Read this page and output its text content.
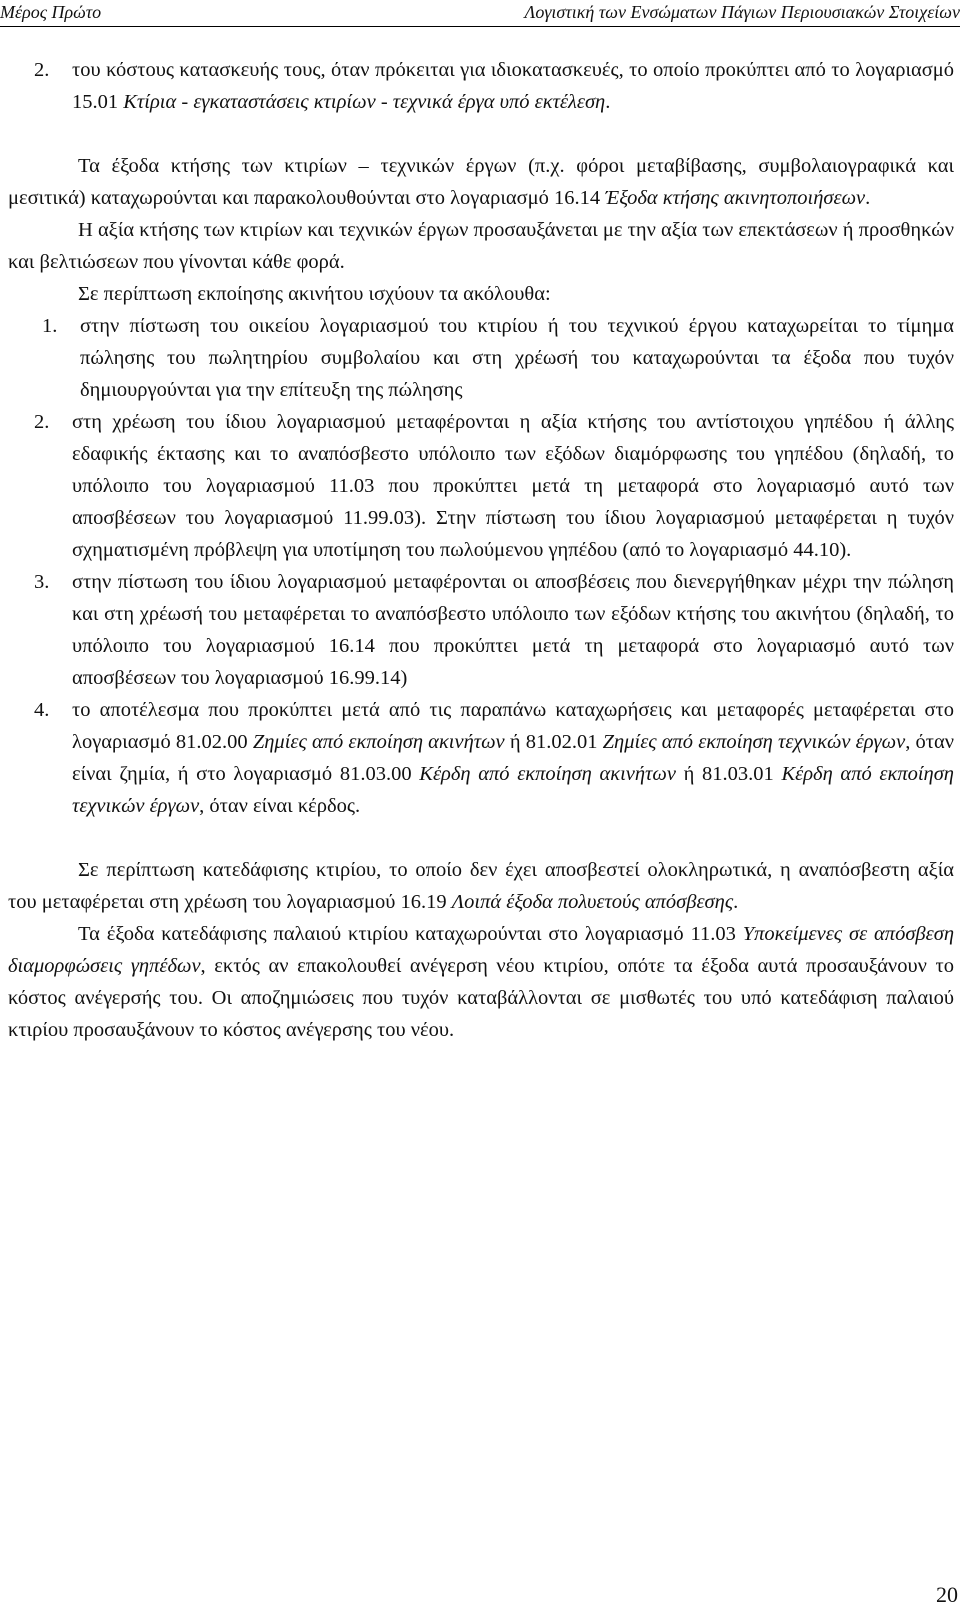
Μέρος Πρώτο	Λογιστική των Ενσώματων Πάγιων Περιουσιακών Στοιχείων
2.	του κόστους κατασκευής τους, όταν πρόκειται για ιδιοκατασκευές, το οποίο προκύπτει από το λογαριασμό 15.01 Κτίρια - εγκαταστάσεις κτιρίων - τεχνικά έργα υπό εκτέλεση.

Τα έξοδα κτήσης των κτιρίων – τεχνικών έργων (π.χ. φόροι μεταβίβασης, συμβολαιογραφικά και μεσιτικά) καταχωρούνται και παρακολουθούνται στο λογαριασμό 16.14 Έξοδα κτήσης ακινητοποιήσεων.

Η αξία κτήσης των κτιρίων και τεχνικών έργων προσαυξάνεται με την αξία των επεκτάσεων ή προσθηκών και βελτιώσεων που γίνονται κάθε φορά.

Σε περίπτωση εκποίησης ακινήτου ισχύουν τα ακόλουθα:

1.	στην πίστωση του οικείου λογαριασμού του κτιρίου ή του τεχνικού έργου καταχωρείται το τίμημα πώλησης του πωλητηρίου συμβολαίου και στη χρέωσή του καταχωρούνται τα έξοδα που τυχόν δημιουργούνται για την επίτευξη της πώλησης
2.	στη χρέωση του ίδιου λογαριασμού μεταφέρονται η αξία κτήσης του αντίστοιχου γηπέδου ή άλλης εδαφικής έκτασης και το αναπόσβεστο υπόλοιπο των εξόδων διαμόρφωσης του γηπέδου (δηλαδή, το υπόλοιπο του λογαριασμού 11.03 που προκύπτει μετά τη μεταφορά στο λογαριασμό αυτό των αποσβέσεων του λογαριασμού 11.99.03). Στην πίστωση του ίδιου λογαριασμού μεταφέρεται η τυχόν σχηματισμένη πρόβλεψη για υποτίμηση του πωλούμενου γηπέδου (από το λογαριασμό 44.10).
3.	στην πίστωση του ίδιου λογαριασμού μεταφέρονται οι αποσβέσεις που διενεργήθηκαν μέχρι την πώληση και στη χρέωσή του μεταφέρεται το αναπόσβεστο υπόλοιπο των εξόδων κτήσης του ακινήτου (δηλαδή, το υπόλοιπο του λογαριασμού 16.14 που προκύπτει μετά τη μεταφορά στο λογαριασμό αυτό των αποσβέσεων του λογαριασμού 16.99.14)
4.	το αποτέλεσμα που προκύπτει μετά από τις παραπάνω καταχωρήσεις και μεταφορές μεταφέρεται στο λογαριασμό 81.02.00 Ζημίες από εκποίηση ακινήτων ή 81.02.01 Ζημίες από εκποίηση τεχνικών έργων, όταν είναι ζημία, ή στο λογαριασμό 81.03.00 Κέρδη από εκποίηση ακινήτων ή 81.03.01 Κέρδη από εκποίηση τεχνικών έργων, όταν είναι κέρδος.

Σε περίπτωση κατεδάφισης κτιρίου, το οποίο δεν έχει αποσβεστεί ολοκληρωτικά, η αναπόσβεστη αξία του μεταφέρεται στη χρέωση του λογαριασμού 16.19 Λοιπά έξοδα πολυετούς απόσβεσης.

Τα έξοδα κατεδάφισης παλαιού κτιρίου καταχωρούνται στο λογαριασμό 11.03 Υποκείμενες σε απόσβεση διαμορφώσεις γηπέδων, εκτός αν επακολουθεί ανέγερση νέου κτιρίου, οπότε τα έξοδα αυτά προσαυξάνουν το κόστος ανέγερσής του. Οι αποζημιώσεις που τυχόν καταβάλλονται σε μισθωτές του υπό κατεδάφιση παλαιού κτιρίου προσαυξάνουν το κόστος ανέγερσης του νέου.

20
